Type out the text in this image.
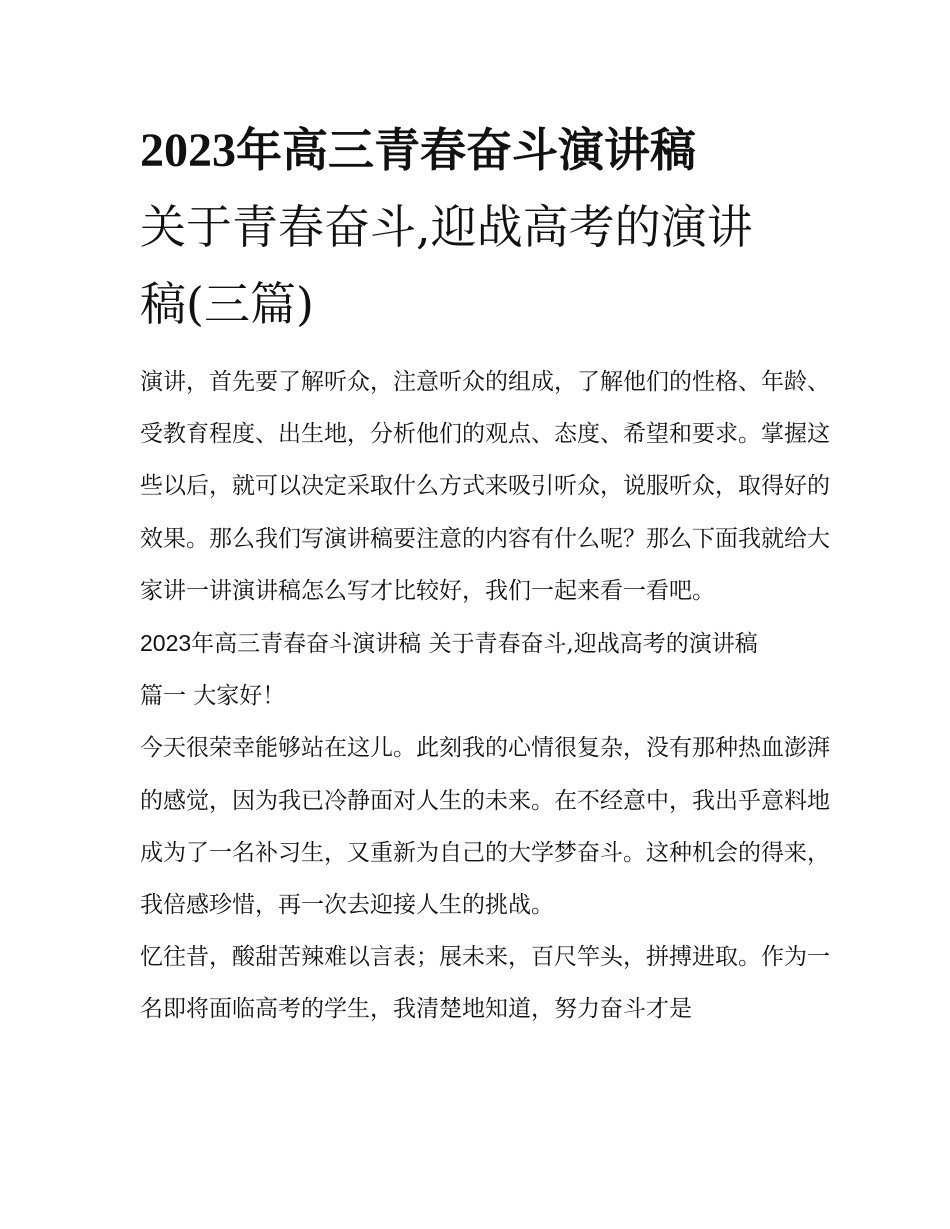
2023年高三青春奋斗演讲稿
关于青春奋斗,迎战高考的演讲
稿(三篇)

演讲，首先要了解听众，注意听众的组成，了解他们的性格、年龄、受教育程度、出生地，分析他们的观点、态度、希望和要求。掌握这些以后，就可以决定采取什么方式来吸引听众，说服听众，取得好的效果。那么我们写演讲稿要注意的内容有什么呢？那么下面我就给大家讲一讲演讲稿怎么写才比较好，我们一起来看一看吧。

2023年高三青春奋斗演讲稿 关于青春奋斗,迎战高考的演讲稿

篇一 大家好！

今天很荣幸能够站在这儿。此刻我的心情很复杂，没有那种热血澎湃的感觉，因为我已冷静面对人生的未来。在不经意中，我出乎意料地成为了一名补习生，又重新为自己的大学梦奋斗。这种机会的得来，我倍感珍惜，再一次去迎接人生的挑战。

忆往昔，酸甜苦辣难以言表；展未来，百尺竿头，拼搏进取。作为一名即将面临高考的学生，我清楚地知道，努力奋斗才是
